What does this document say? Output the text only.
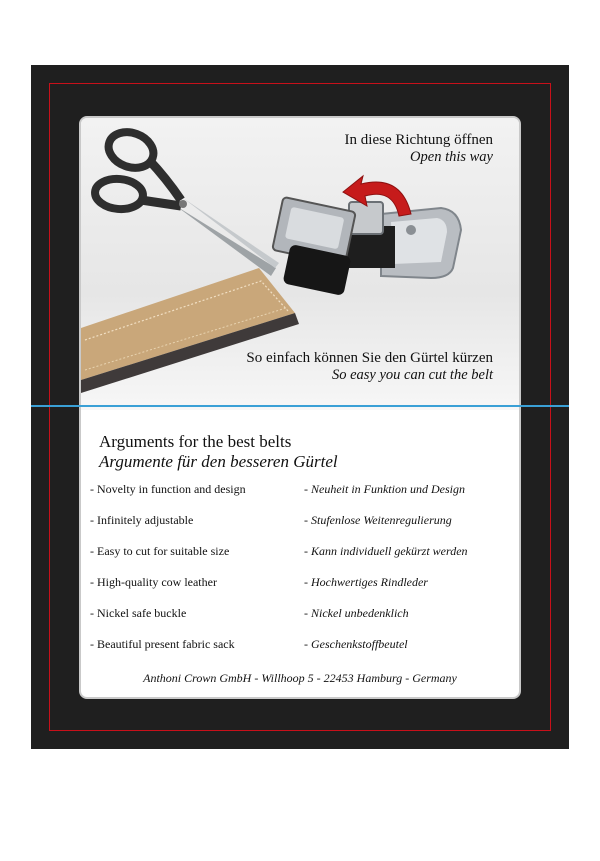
In diese Richtung öffnen
Open this way
So einfach können Sie den Gürtel kürzen
So easy you can cut the belt
Arguments for the best belts
Argumente für den besseren Gürtel
- Novelty in function and design	- Neuheit in Funktion und Design
- Infinitely adjustable	- Stufenlose Weitenregulierung
- Easy to cut for suitable size	- Kann individuell gekürzt werden
- High-quality cow leather	- Hochwertiges Rindleder
- Nickel safe buckle	- Nickel unbedenklich
- Beautiful present fabric sack	- Geschenkstoffbeutel
Anthoni Crown GmbH - Willhoop 5 - 22453 Hamburg - Germany
